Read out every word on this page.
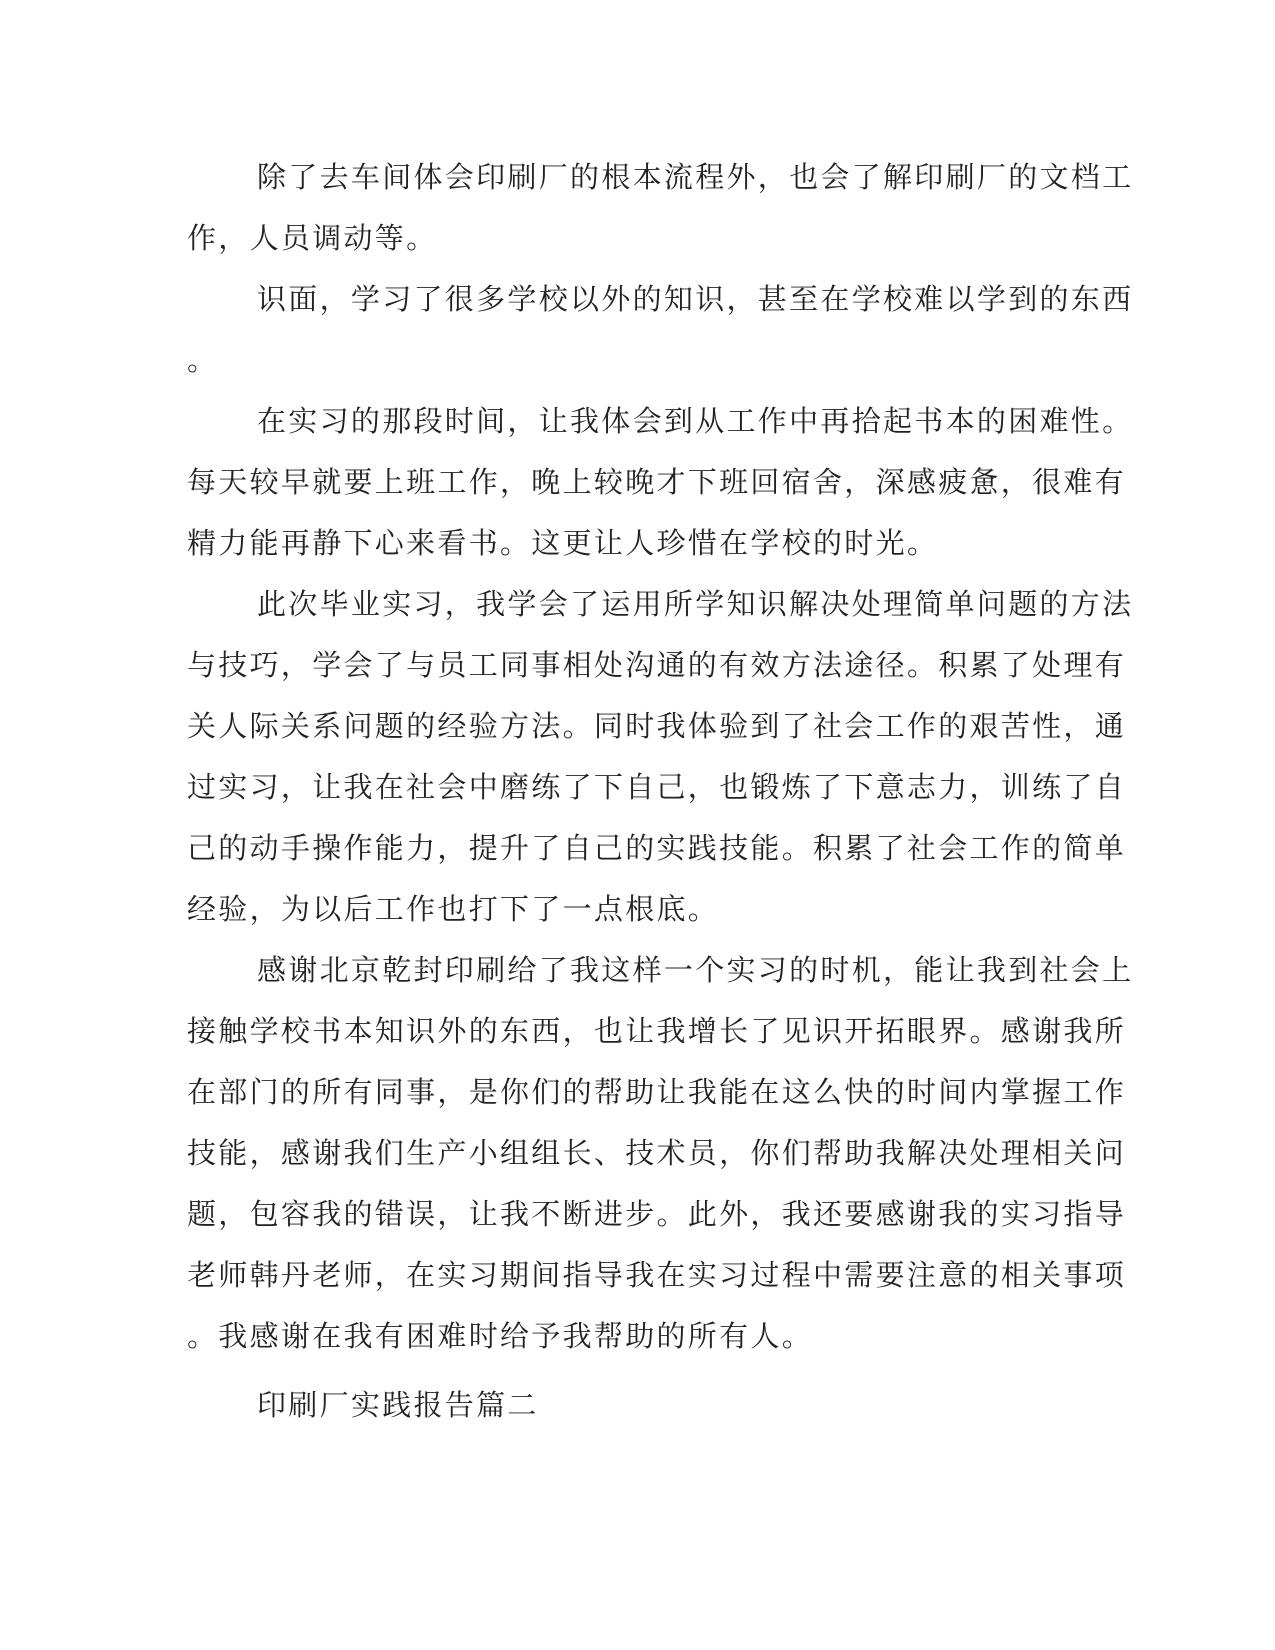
除了去车间体会印刷厂的根本流程外，也会了解印刷厂的文档工
作，人员调动等。
识面，学习了很多学校以外的知识，甚至在学校难以学到的东西
。
在实习的那段时间，让我体会到从工作中再拾起书本的困难性。
每天较早就要上班工作，晚上较晚才下班回宿舍，深感疲惫，很难有
精力能再静下心来看书。这更让人珍惜在学校的时光。
此次毕业实习，我学会了运用所学知识解决处理简单问题的方法
与技巧，学会了与员工同事相处沟通的有效方法途径。积累了处理有
关人际关系问题的经验方法。同时我体验到了社会工作的艰苦性，通
过实习，让我在社会中磨练了下自己，也锻炼了下意志力，训练了自
己的动手操作能力，提升了自己的实践技能。积累了社会工作的简单
经验，为以后工作也打下了一点根底。
感谢北京乾封印刷给了我这样一个实习的时机，能让我到社会上
接触学校书本知识外的东西，也让我增长了见识开拓眼界。感谢我所
在部门的所有同事，是你们的帮助让我能在这么快的时间内掌握工作
技能，感谢我们生产小组组长、技术员，你们帮助我解决处理相关问
题，包容我的错误，让我不断进步。此外，我还要感谢我的实习指导
老师韩丹老师，在实习期间指导我在实习过程中需要注意的相关事项
。我感谢在我有困难时给予我帮助的所有人。
印刷厂实践报告篇二
